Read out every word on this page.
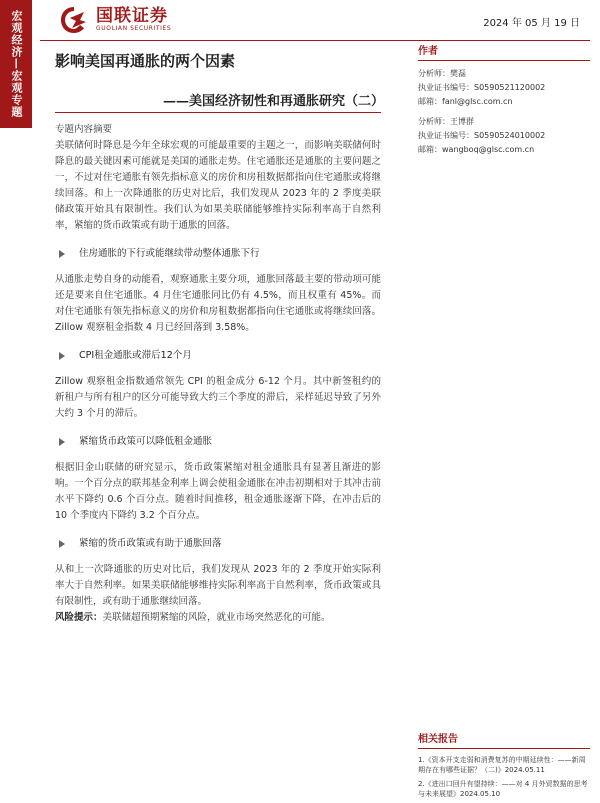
宏观经济—宏观专题	国联证券
GUOLIAN SECURITIES	2024 年 05 月 19 日
影响美国再通胀的两个因素
——美国经济韧性和再通胀研究（二）
专题内容摘要

美联储何时降息是今年全球宏观的可能最重要的主题之一，而影响美联储何时降息的最关键因素可能就是美国的通胀走势。住宅通胀还是通胀的主要问题之一，不过对住宅通胀有领先指标意义的房价和房租数据都指向住宅通胀或将继续回落。和上一次降通胀的历史对比后，我们发现从 2023 年的 2 季度美联储政策开始具有限制性。我们认为如果美联储能够维持实际利率高于自然利率，紧缩的货币政策或有助于通胀的回落。

住房通胀的下行或能继续带动整体通胀下行

从通胀走势自身的动能看，观察通胀主要分项，通胀回落最主要的带动项可能还是要来自住宅通胀。4 月住宅通胀同比仍有 4.5%，而且权重有 45%。而对住宅通胀有领先指标意义的房价和房租数据都指向住宅通胀或将继续回落。Zillow 观察租金指数 4 月已经回落到 3.58%。

CPI租金通胀或滞后12个月

Zillow 观察租金指数通常领先 CPI 的租金成分 6-12 个月。其中新签租约的新租户与所有租户的区分可能导致大约三个季度的滞后，采样延迟导致了另外大约 3 个月的滞后。

紧缩货币政策可以降低租金通胀

根据旧金山联储的研究显示，货币政策紧缩对租金通胀具有显著且渐进的影响。一个百分点的联邦基金利率上调会使租金通胀在冲击初期相对于其冲击前水平下降约 0.6 个百分点。随着时间推移，租金通胀逐渐下降，在冲击后的 10 个季度内下降约 3.2 个百分点。

紧缩的货币政策或有助于通胀回落

从和上一次降通胀的历史对比后，我们发现从 2023 年的 2 季度开始实际利率大于自然利率。如果美联储能够维持实际利率高于自然利率，货币政策或具有限制性，或有助于通胀继续回落。

风险提示：美联储超预期紧缩的风险，就业市场突然恶化的可能。

作者
分析师：樊磊
执业证书编号：S0590521120002
邮箱：fanl@glsc.com.cn
分析师：王博群
执业证书编号：S0590524010002
邮箱：wangboq@glsc.com.cn
相关报告
1.《资本开支走弱和消费复苏的中期延续性：——新周期存在有哪些证据？（二)》2024.05.11
2.《进出口回升有望持续：——对 4 月外贸数据的思考与未来展望》2024.05.10
